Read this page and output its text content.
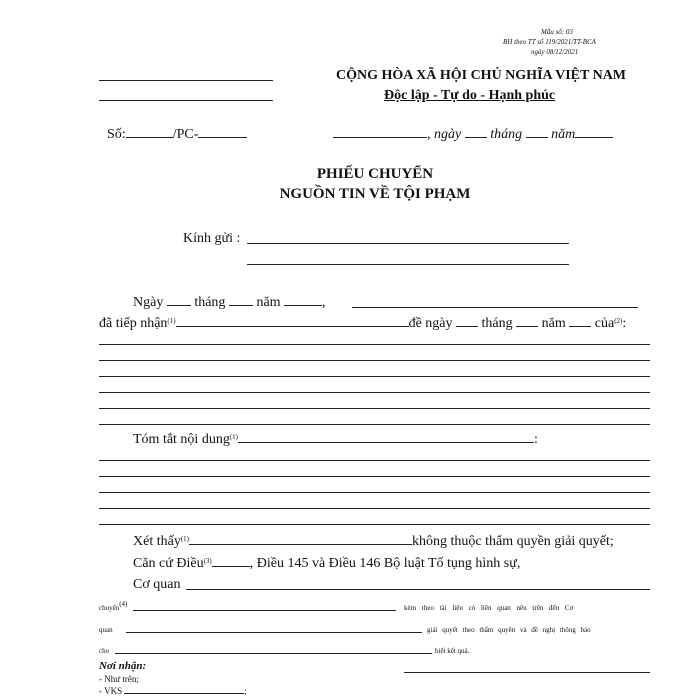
Mẫu số: 03
BH theo TT số 119/2021/TT-BCA
ngày 08/12/2021
CỘNG HÒA XÃ HỘI CHỦ NGHĨA VIỆT NAM
Độc lập - Tự do - Hạnh phúc
Số:	/PC-	, ngày tháng năm
PHIẾU CHUYỂN
NGUỒN TIN VỀ TỘI PHẠM
Kính gửi :
Ngày tháng năm	,
đã tiếp nhận$^{(1)}$	đề ngày tháng năm của$^{(2)}$:
Tóm tắt nội dung$^{(1)}$	:
Xét thấy$^{(1)}$	không thuộc thẩm quyền giải quyết;
Căn cứ Điều$^{(3)}$	, Điều 145 và Điều 146 Bộ luật Tố tụng hình sự,
Cơ quan
chuyển$^{(4)}$	kèm theo tài liệu có liên quan nêu trên đến Cơ
quan	giải quyết theo thẩm quyền và đề nghị thông báo
cho	biết kết quả.
Nơi nhận:
- Như trên;
- VKS	;
